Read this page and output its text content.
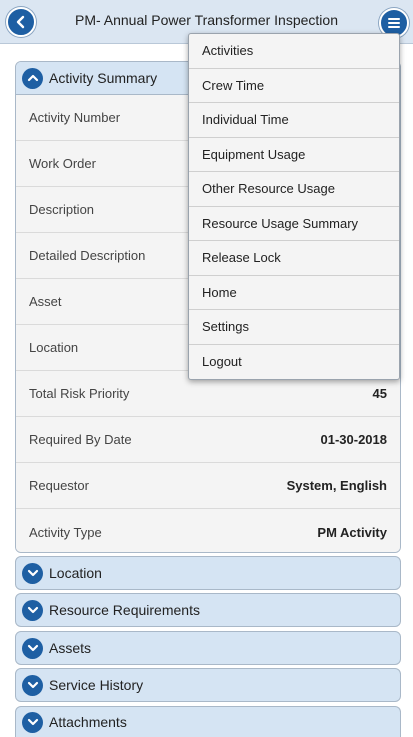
PM- Annual Power Transformer Inspection
Activity Summary
Activity Number
Work Order
Description
Detailed Description
Asset
Location
Total Risk Priority	45
Required By Date	01-30-2018
Requestor	System, English
Activity Type	PM Activity
Location
Resource Requirements
Assets
Service History
Attachments
Activities
Crew Time
Individual Time
Equipment Usage
Other Resource Usage
Resource Usage Summary
Release Lock
Home
Settings
Logout
